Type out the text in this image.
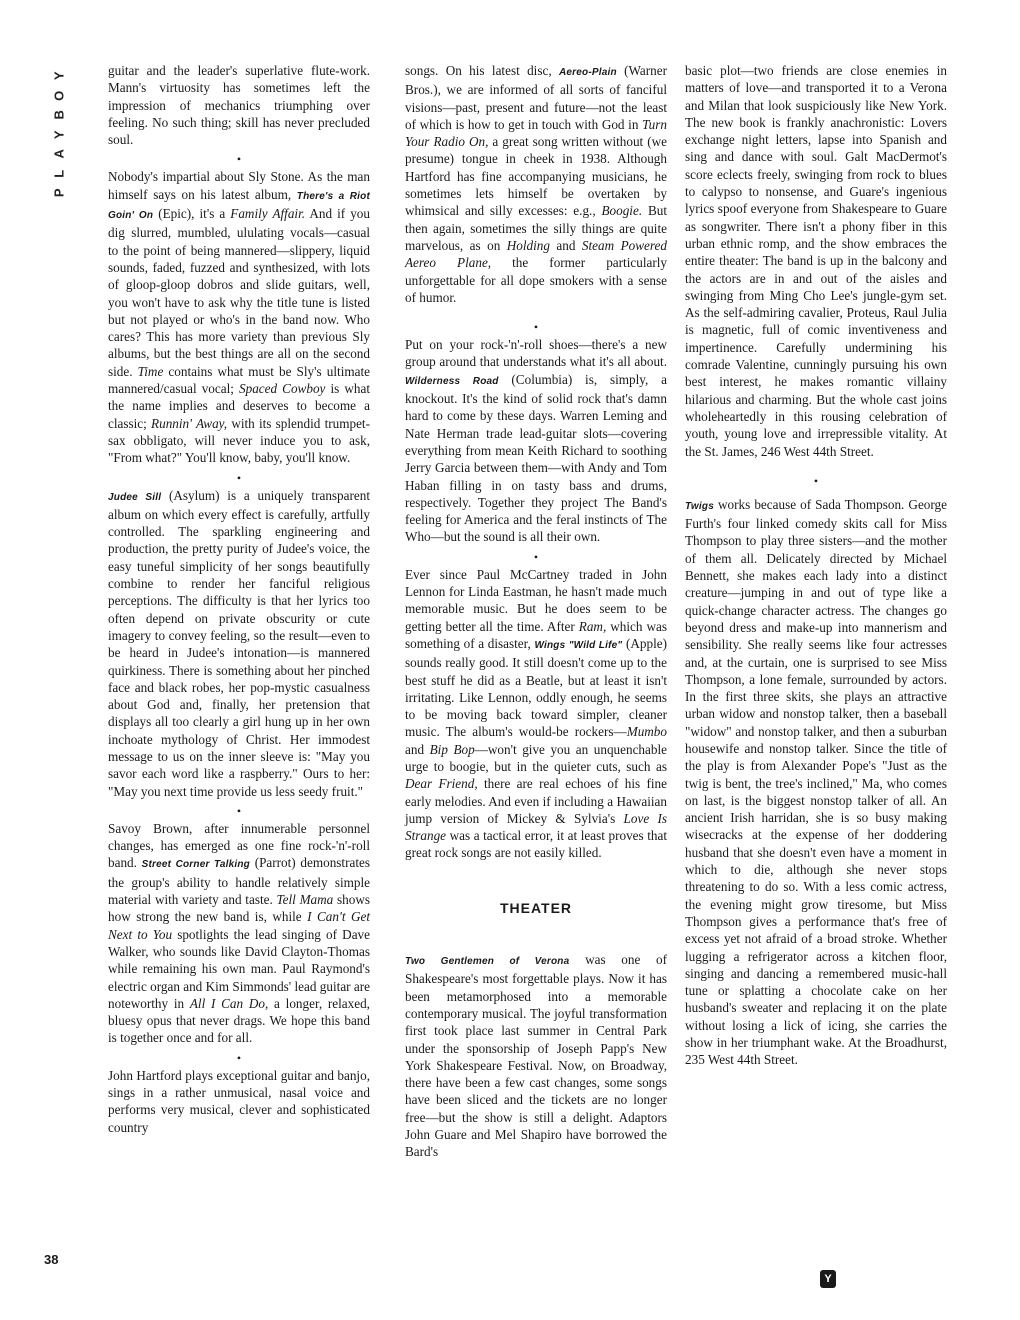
Y
O
B
Y
A
L
P
38

guitar and the leader's superlative flute-work. Mann's virtuosity has sometimes left the impression of mechanics triumphing over feeling. No such thing; skill has never precluded soul.

•

Nobody's impartial about Sly Stone. As the man himself says on his latest album, There's a Riot Goin' On (Epic), it's a Family Affair. And if you dig slurred, mumbled, ululating vocals—casual to the point of being mannered—slippery, liquid sounds, faded, fuzzed and synthesized, with lots of gloop-gloop dobros and slide guitars, well, you won't have to ask why the title tune is listed but not played or who's in the band now. Who cares? This has more variety than previous Sly albums, but the best things are all on the second side. Time contains what must be Sly's ultimate mannered/casual vocal; Spaced Cowboy is what the name implies and deserves to become a classic; Runnin' Away, with its splendid trumpet-sax obbligato, will never induce you to ask, "From what?" You'll know, baby, you'll know.

•

Judee Sill (Asylum) is a uniquely transparent album on which every effect is carefully, artfully controlled. The sparkling engineering and production, the pretty purity of Judee's voice, the easy tuneful simplicity of her songs beautifully combine to render her fanciful religious perceptions. The difficulty is that her lyrics too often depend on private obscurity or cute imagery to convey feeling, so the result—even to be heard in Judee's intonation—is mannered quirkiness. There is something about her pinched face and black robes, her pop-mystic casualness about God and, finally, her pretension that displays all too clearly a girl hung up in her own inchoate mythology of Christ. Her immodest message to us on the inner sleeve is: "May you savor each word like a raspberry." Ours to her: "May you next time provide us less seedy fruit."

•

Savoy Brown, after innumerable personnel changes, has emerged as one fine rock-'n'-roll band. Street Corner Talking (Parrot) demonstrates the group's ability to handle relatively simple material with variety and taste. Tell Mama shows how strong the new band is, while I Can't Get Next to You spotlights the lead singing of Dave Walker, who sounds like David Clayton-Thomas while remaining his own man. Paul Raymond's electric organ and Kim Simmonds' lead guitar are noteworthy in All I Can Do, a longer, relaxed, bluesy opus that never drags. We hope this band is together once and for all.

•

John Hartford plays exceptional guitar and banjo, sings in a rather unmusical, nasal voice and performs very musical, clever and sophisticated country

songs. On his latest disc, Aereo-Plain (Warner Bros.), we are informed of all sorts of fanciful visions—past, present and future—not the least of which is how to get in touch with God in Turn Your Radio On, a great song written without (we presume) tongue in cheek in 1938. Although Hartford has fine accompanying musicians, he sometimes lets himself be overtaken by whimsical and silly excesses: e.g., Boogie. But then again, sometimes the silly things are quite marvelous, as on Holding and Steam Powered Aereo Plane, the former particularly unforgettable for all dope smokers with a sense of humor.

•

Put on your rock-'n'-roll shoes—there's a new group around that understands what it's all about. Wilderness Road (Columbia) is, simply, a knockout. It's the kind of solid rock that's damn hard to come by these days. Warren Leming and Nate Herman trade lead-guitar slots—covering everything from mean Keith Richard to soothing Jerry Garcia between them—with Andy and Tom Haban filling in on tasty bass and drums, respectively. Together they project The Band's feeling for America and the feral instincts of The Who—but the sound is all their own.

•

Ever since Paul McCartney traded in John Lennon for Linda Eastman, he hasn't made much memorable music. But he does seem to be getting better all the time. After Ram, which was something of a disaster, Wings "Wild Life" (Apple) sounds really good. It still doesn't come up to the best stuff he did as a Beatle, but at least it isn't irritating. Like Lennon, oddly enough, he seems to be moving back toward simpler, cleaner music. The album's would-be rockers—Mumbo and Bip Bop—won't give you an unquenchable urge to boogie, but in the quieter cuts, such as Dear Friend, there are real echoes of his fine early melodies. And even if including a Hawaiian jump version of Mickey & Sylvia's Love Is Strange was a tactical error, it at least proves that great rock songs are not easily killed.

THEATER

Two Gentlemen of Verona was one of Shakespeare's most forgettable plays. Now it has been metamorphosed into a memorable contemporary musical. The joyful transformation first took place last summer in Central Park under the sponsorship of Joseph Papp's New York Shakespeare Festival. Now, on Broadway, there have been a few cast changes, some songs have been sliced and the tickets are no longer free—but the show is still a delight. Adaptors John Guare and Mel Shapiro have borrowed the Bard's

basic plot—two friends are close enemies in matters of love—and transported it to a Verona and Milan that look suspiciously like New York. The new book is frankly anachronistic: Lovers exchange night letters, lapse into Spanish and sing and dance with soul. Galt MacDermot's score eclects freely, swinging from rock to blues to calypso to nonsense, and Guare's ingenious lyrics spoof everyone from Shakespeare to Guare as songwriter. There isn't a phony fiber in this urban ethnic romp, and the show embraces the entire theater: The band is up in the balcony and the actors are in and out of the aisles and swinging from Ming Cho Lee's jungle-gym set. As the self-admiring cavalier, Proteus, Raul Julia is magnetic, full of comic inventiveness and impertinence. Carefully undermining his comrade Valentine, cunningly pursuing his own best interest, he makes romantic villainy hilarious and charming. But the whole cast joins wholeheartedly in this rousing celebration of youth, young love and irrepressible vitality. At the St. James, 246 West 44th Street.

•

Twigs works because of Sada Thompson. George Furth's four linked comedy skits call for Miss Thompson to play three sisters—and the mother of them all. Delicately directed by Michael Bennett, she makes each lady into a distinct creature—jumping in and out of type like a quick-change character actress. The changes go beyond dress and make-up into mannerism and sensibility. She really seems like four actresses and, at the curtain, one is surprised to see Miss Thompson, a lone female, surrounded by actors. In the first three skits, she plays an attractive urban widow and nonstop talker, then a baseball "widow" and nonstop talker, and then a suburban housewife and nonstop talker. Since the title of the play is from Alexander Pope's "Just as the twig is bent, the tree's inclined," Ma, who comes on last, is the biggest nonstop talker of all. An ancient Irish harridan, she is so busy making wisecracks at the expense of her doddering husband that she doesn't even have a moment in which to die, although she never stops threatening to do so. With a less comic actress, the evening might grow tiresome, but Miss Thompson gives a performance that's free of excess yet not afraid of a broad stroke. Whether lugging a refrigerator across a kitchen floor, singing and dancing a remembered music-hall tune or splatting a chocolate cake on her husband's sweater and replacing it on the plate without losing a lick of icing, she carries the show in her triumphant wake. At the Broadhurst, 235 West 44th Street.

Y
